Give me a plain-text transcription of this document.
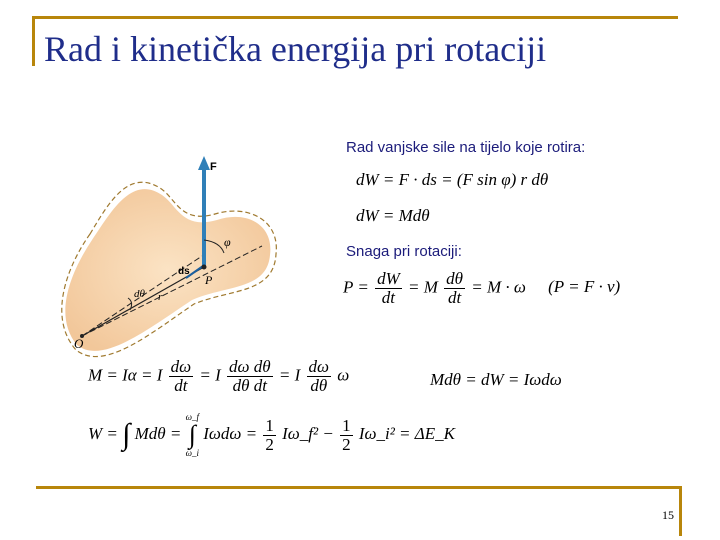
Rad i kinetička energija pri rotaciji
F
φ
ds
P
dθ r
O
Rad vanjske sile na tijelo koje rotira:
dW = F · ds = (F sin φ) r dθ
dW = Mdθ
Snaga pri rotaciji:
$P = \frac{dW}{dt} = M \frac{d\theta}{dt} = M \cdot \omega$ (P = F · v)
M = Iα = I $\frac{d\omega}{dt} = I \frac{\text{dω dθ}}{\text{dθ dt}} = I \frac{d\omega}{d\theta}$ ω	Mdθ = dW = Iωdω
W = ∫ Mdθ =
ω_f
∫
ω_i
$I\omega d\omega = \frac{1}{2}$ Iω_f² − $\frac{1}{2}$ Iω_i² = ΔE_K
15
